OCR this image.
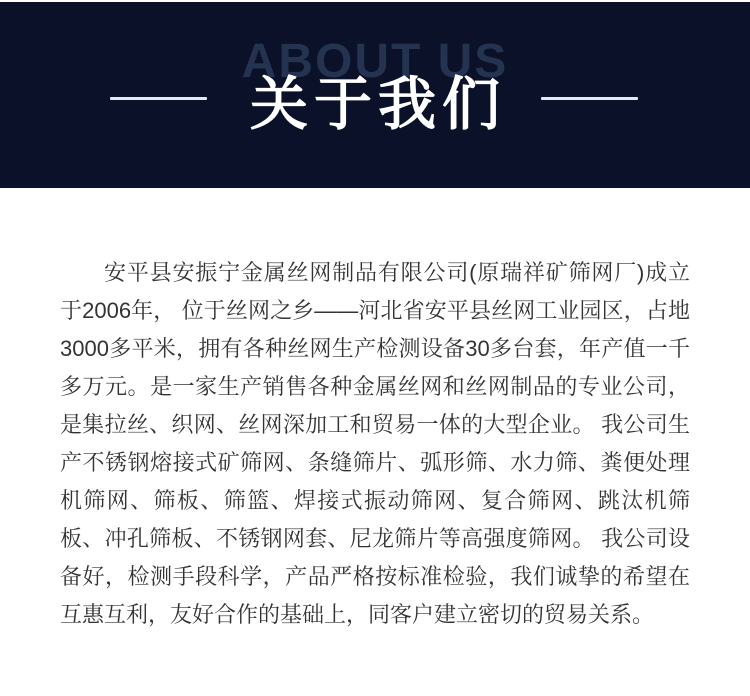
ABOUT US
关于我们

安平县安振宁金属丝网制品有限公司(原瑞祥矿筛网厂)成立于2006年， 位于丝网之乡——河北省安平县丝网工业园区，占地3000多平米，拥有各种丝网生产检测设备30多台套，年产值一千多万元。是一家生产销售各种金属丝网和丝网制品的专业公司，是集拉丝、织网、丝网深加工和贸易一体的大型企业。 我公司生产不锈钢熔接式矿筛网、条缝筛片、弧形筛、水力筛、粪便处理机筛网、筛板、筛篮、焊接式振动筛网、复合筛网、跳汰机筛板、冲孔筛板、不锈钢网套、尼龙筛片等高强度筛网。 我公司设备好，检测手段科学，产品严格按标准检验，我们诚挚的希望在互惠互利，友好合作的基础上，同客户建立密切的贸易关系。
